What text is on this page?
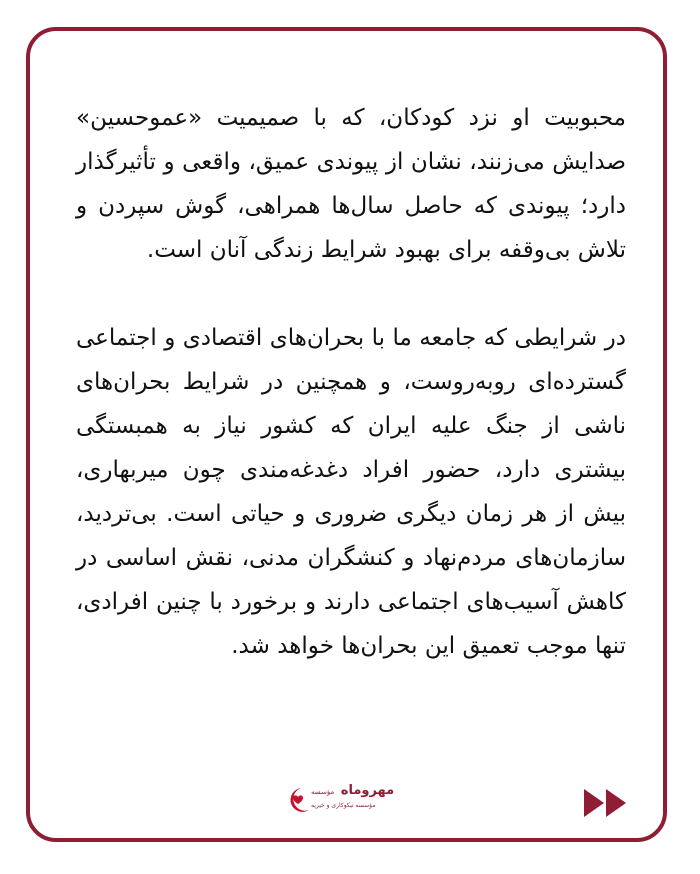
محبوبیت او نزد کودکان، که با صمیمیت «عموحسین» صدایش می‌زنند، نشان از پیوندی عمیق، واقعی و تأثیرگذار دارد؛ پیوندی که حاصل سال‌ها همراهی، گوش سپردن و تلاش بی‌وقفه برای بهبود شرایط زندگی آنان است.

در شرایطی که جامعه ما با بحران‌های اقتصادی و اجتماعی گسترده‌ای روبه‌روست، و همچنین در شرایط بحران‌های ناشی از جنگ علیه ایران که کشور نیاز به همبستگی بیشتری دارد، حضور افراد دغدغه‌مندی چون میربهاری، بیش از هر زمان دیگری ضروری و حیاتی است. بی‌تردید، سازمان‌های مردم‌نهاد و کنشگران مدنی، نقش اساسی در کاهش آسیب‌های اجتماعی دارند و برخورد با چنین افرادی، تنها موجب تعمیق این بحران‌ها خواهد شد.

مهروماه مؤسسه
مؤسسه نیکوکاری و خیریه
